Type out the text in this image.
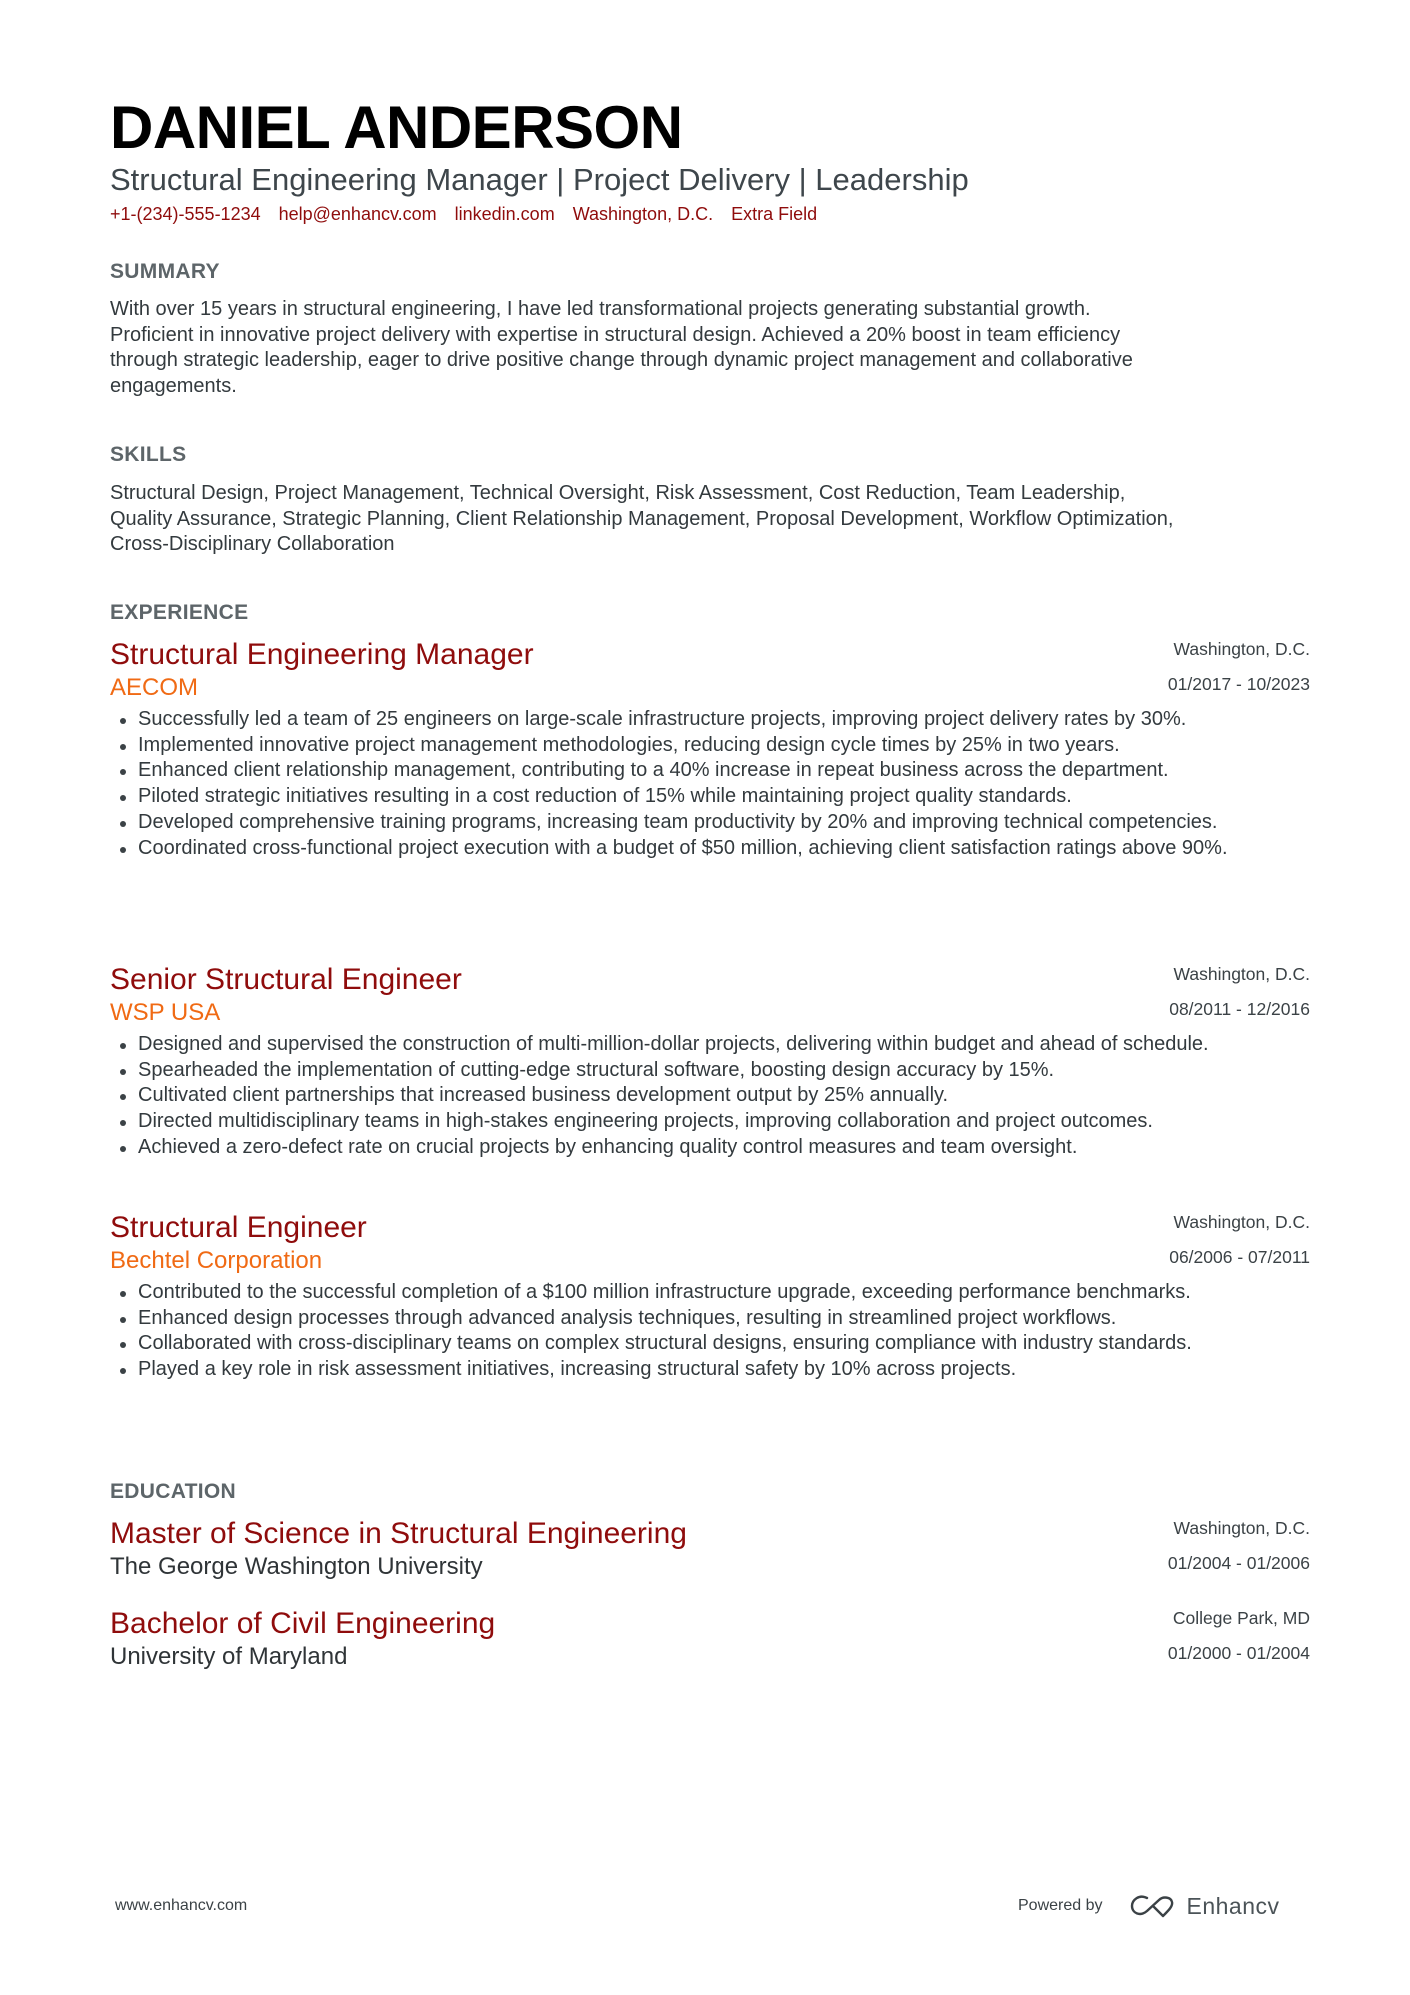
DANIEL ANDERSON
Structural Engineering Manager | Project Delivery | Leadership
+1-(234)-555-1234 help@enhancv.com linkedin.com Washington, D.C. Extra Field
SUMMARY
With over 15 years in structural engineering, I have led transformational projects generating substantial growth.
Proficient in innovative project delivery with expertise in structural design. Achieved a 20% boost in team efficiency
through strategic leadership, eager to drive positive change through dynamic project management and collaborative
engagements.
SKILLS
Structural Design, Project Management, Technical Oversight, Risk Assessment, Cost Reduction, Team Leadership,
Quality Assurance, Strategic Planning, Client Relationship Management, Proposal Development, Workflow Optimization,
Cross-Disciplinary Collaboration
EXPERIENCE
Washington, D.C.
01/2017 - 10/2023
Structural Engineering Manager
AECOM
Successfully led a team of 25 engineers on large-scale infrastructure projects, improving project delivery rates by 30%.
Implemented innovative project management methodologies, reducing design cycle times by 25% in two years.
Enhanced client relationship management, contributing to a 40% increase in repeat business across the department.
Piloted strategic initiatives resulting in a cost reduction of 15% while maintaining project quality standards.
Developed comprehensive training programs, increasing team productivity by 20% and improving technical competencies.
Coordinated cross-functional project execution with a budget of $50 million, achieving client satisfaction ratings above 90%.
Washington, D.C.
08/2011 - 12/2016
Senior Structural Engineer
WSP USA
Designed and supervised the construction of multi-million-dollar projects, delivering within budget and ahead of schedule.
Spearheaded the implementation of cutting-edge structural software, boosting design accuracy by 15%.
Cultivated client partnerships that increased business development output by 25% annually.
Directed multidisciplinary teams in high-stakes engineering projects, improving collaboration and project outcomes.
Achieved a zero-defect rate on crucial projects by enhancing quality control measures and team oversight.
Washington, D.C.
06/2006 - 07/2011
Structural Engineer
Bechtel Corporation
Contributed to the successful completion of a $100 million infrastructure upgrade, exceeding performance benchmarks.
Enhanced design processes through advanced analysis techniques, resulting in streamlined project workflows.
Collaborated with cross-disciplinary teams on complex structural designs, ensuring compliance with industry standards.
Played a key role in risk assessment initiatives, increasing structural safety by 10% across projects.
EDUCATION
Washington, D.C.
01/2004 - 01/2006
Master of Science in Structural Engineering
The George Washington University
College Park, MD
01/2000 - 01/2004
Bachelor of Civil Engineering
University of Maryland
www.enhancv.com	Powered by	Enhancv
